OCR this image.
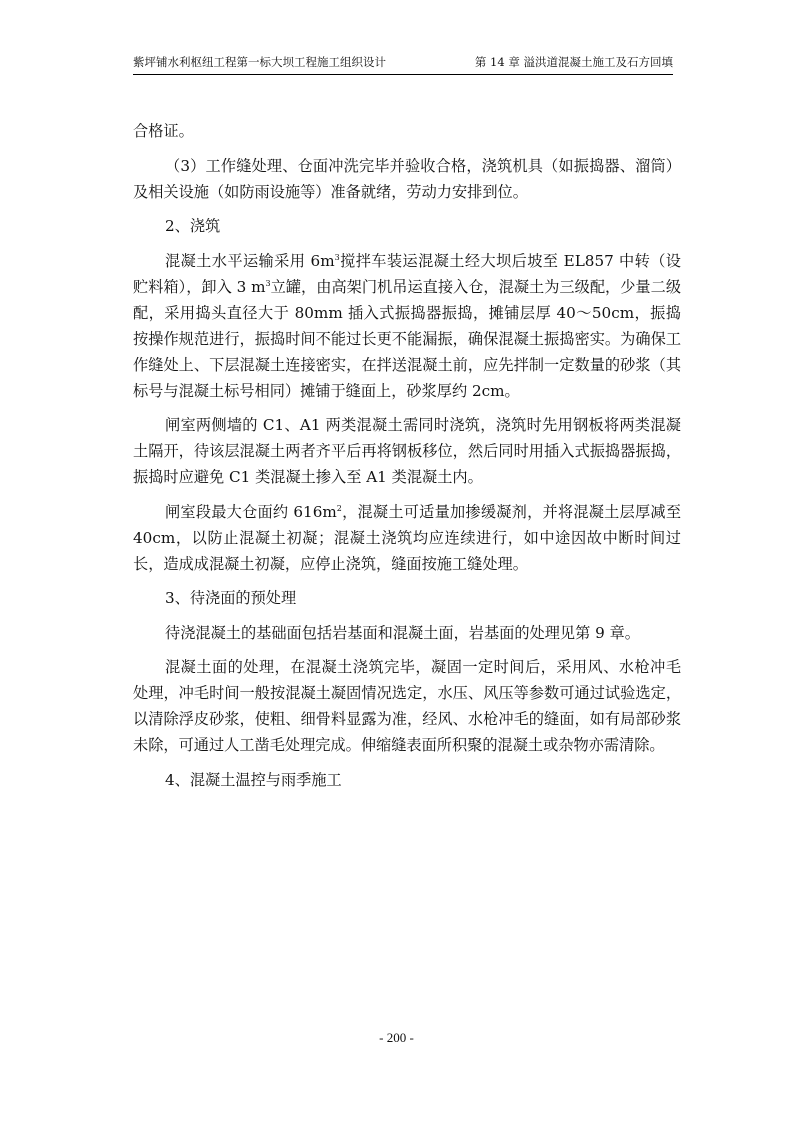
紫坪铺水利枢纽工程第一标大坝工程施工组织设计	第 14 章 溢洪道混凝土施工及石方回填

合格证。

（3）工作缝处理、仓面冲洗完毕并验收合格，浇筑机具（如振捣器、溜筒）及相关设施（如防雨设施等）准备就绪，劳动力安排到位。

2、浇筑

混凝土水平运输采用 $6m^3$搅拌车装运混凝土经大坝后坡至 EL857 中转（设贮料箱），卸入 3 $m^3$立罐，由高架门机吊运直接入仓，混凝土为三级配，少量二级配，采用捣头直径大于 80mm 插入式振捣器振捣，摊铺层厚 40～50cm，振捣按操作规范进行，振捣时间不能过长更不能漏振，确保混凝土振捣密实。为确保工作缝处上、下层混凝土连接密实，在拌送混凝土前，应先拌制一定数量的砂浆（其标号与混凝土标号相同）摊铺于缝面上，砂浆厚约 2cm。

闸室两侧墙的 C1、A1 两类混凝土需同时浇筑，浇筑时先用钢板将两类混凝土隔开，待该层混凝土两者齐平后再将钢板移位，然后同时用插入式振捣器振捣，振捣时应避免 C1 类混凝土掺入至 A1 类混凝土内。

闸室段最大仓面约 $616m^2$，混凝土可适量加掺缓凝剂，并将混凝土层厚减至 40cm，以防止混凝土初凝；混凝土浇筑均应连续进行，如中途因故中断时间过长，造成成混凝土初凝，应停止浇筑，缝面按施工缝处理。

3、待浇面的预处理

待浇混凝土的基础面包括岩基面和混凝土面，岩基面的处理见第 9 章。

混凝土面的处理，在混凝土浇筑完毕，凝固一定时间后，采用风、水枪冲毛处理，冲毛时间一般按混凝土凝固情况选定，水压、风压等参数可通过试验选定，以清除浮皮砂浆，使粗、细骨料显露为准，经风、水枪冲毛的缝面，如有局部砂浆未除，可通过人工凿毛处理完成。伸缩缝表面所积聚的混凝土或杂物亦需清除。

4、混凝土温控与雨季施工

- 200 -
